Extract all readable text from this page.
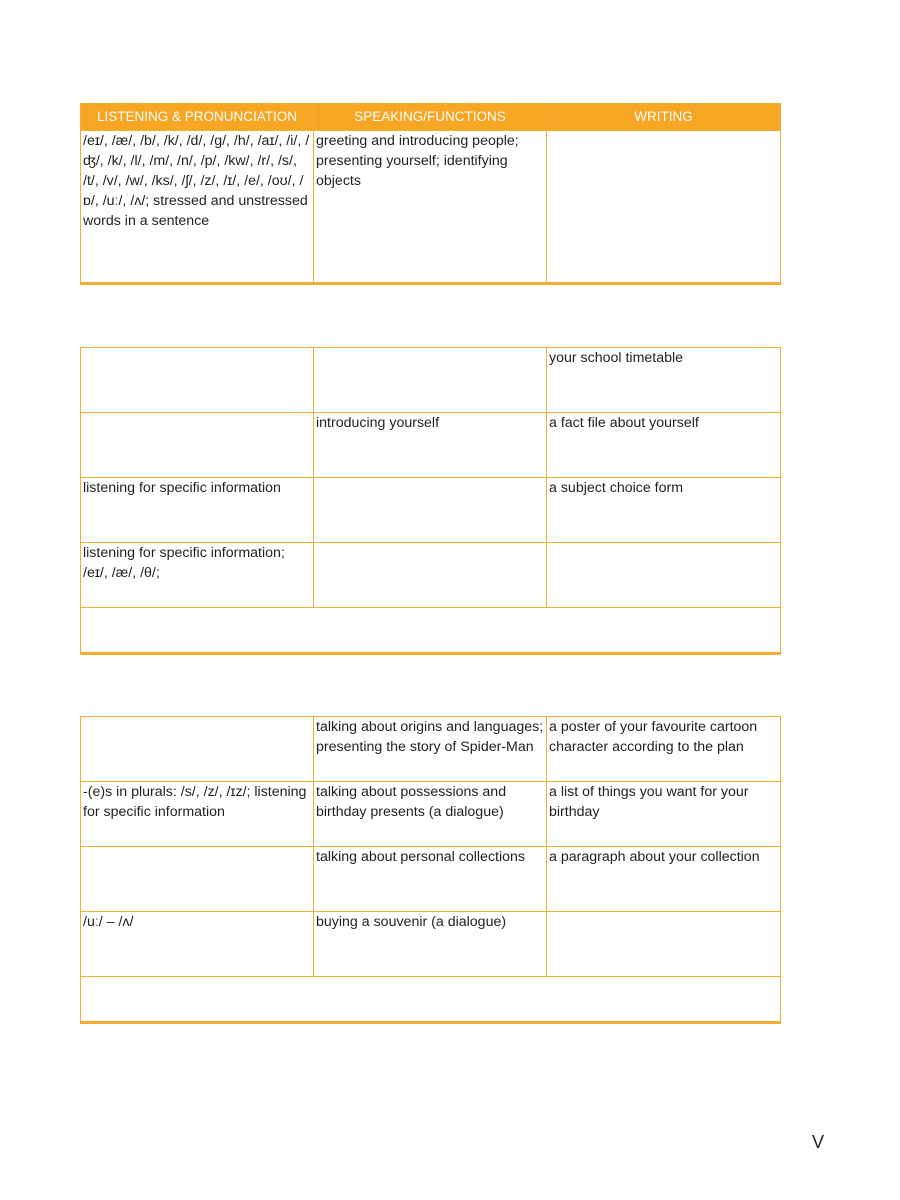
LISTENING & PRONUNCIATION	SPEAKING/FUNCTIONS	WRITING
/eɪ/, /æ/, /b/, /k/, /d/, /g/, /h/, /aɪ/, /i/, /ʤ/, /k/, /l/, /m/, /n/, /p/, /kw/, /r/, /s/, /t/, /v/, /w/, /ks/, /ʃ/, /z/, /ɪ/, /e/, /oʊ/, /ɒ/, /uː/, /ʌ/; stressed and unstressed words in a sentence	greeting and introducing people; presenting yourself; identifying objects	
		your school timetable
	introducing yourself	a fact file about yourself
listening for specific information		a subject choice form
listening for specific information; /eɪ/, /æ/, /θ/;		

	talking about origins and languages; presenting the story of Spider-Man	a poster of your favourite cartoon character according to the plan
-(e)s in plurals: /s/, /z/, /ɪz/; listening for specific information	talking about possessions and birthday presents (a dialogue)	a list of things you want for your birthday
	talking about personal collections	a paragraph about your collection
/uː/ – /ʌ/	buying a souvenir (a dialogue)	

V
